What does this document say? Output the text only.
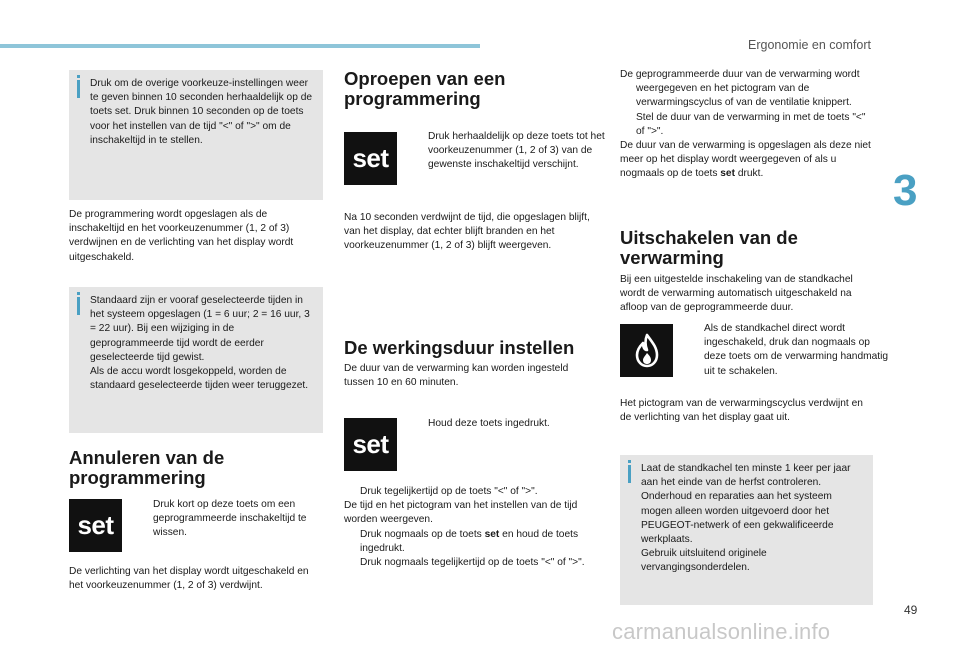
Ergonomie en comfort
3
Druk om de overige voorkeuze-instellingen weer te geven binnen 10 seconden herhaaldelijk op de toets set. Druk binnen 10 seconden op de toets voor het instellen van de tijd "<" of ">" om de inschakeltijd in te stellen.
De programmering wordt opgeslagen als de inschakeltijd en het voorkeuzenummer (1, 2 of 3) verdwijnen en de verlichting van het display wordt uitgeschakeld.
Standaard zijn er vooraf geselecteerde tijden in het systeem opgeslagen (1 = 6 uur; 2 = 16 uur, 3 = 22 uur). Bij een wijziging in de geprogrammeerde tijd wordt de eerder geselecteerde tijd gewist.
Als de accu wordt losgekoppeld, worden de standaard geselecteerde tijden weer teruggezet.
Annuleren van de
programmering
set
Druk kort op deze toets om een geprogrammeerde inschakeltijd te wissen.
De verlichting van het display wordt uitgeschakeld en het voorkeuzenummer (1, 2 of 3) verdwijnt.
Oproepen van een
programmering
set
Druk herhaaldelijk op deze toets tot het voorkeuzenummer (1, 2 of 3) van de gewenste inschakeltijd verschijnt.
Na 10 seconden verdwijnt de tijd, die opgeslagen blijft, van het display, dat echter blijft branden en het voorkeuzenummer (1, 2 of 3) blijft weergeven.
De werkingsduur instellen
De duur van de verwarming kan worden ingesteld tussen 10 en 60 minuten.
set
Houd deze toets ingedrukt.
Druk tegelijkertijd op de toets "<" of ">".
De tijd en het pictogram van het instellen van de tijd worden weergeven.
Druk nogmaals op de toets set en houd de toets ingedrukt.
Druk nogmaals tegelijkertijd op de toets "<" of ">".
De geprogrammeerde duur van de verwarming wordt weergegeven en het pictogram van de verwarmingscyclus of van de ventilatie knippert.
Stel de duur van de verwarming in met de toets "<" of ">".
De duur van de verwarming is opgeslagen als deze niet meer op het display wordt weergegeven of als u nogmaals op de toets set drukt.
Uitschakelen van de
verwarming
Bij een uitgestelde inschakeling van de standkachel wordt de verwarming automatisch uitgeschakeld na afloop van de geprogrammeerde duur.
Als de standkachel direct wordt ingeschakeld, druk dan nogmaals op deze toets om de verwarming handmatig uit te schakelen.
Het pictogram van de verwarmingscyclus verdwijnt en de verlichting van het display gaat uit.
Laat de standkachel ten minste 1 keer per jaar aan het einde van de herfst controleren. Onderhoud en reparaties aan het systeem mogen alleen worden uitgevoerd door het PEUGEOT-netwerk of een gekwalificeerde werkplaats.
Gebruik uitsluitend originele vervangingsonderdelen.
49
carmanualsonline.info
